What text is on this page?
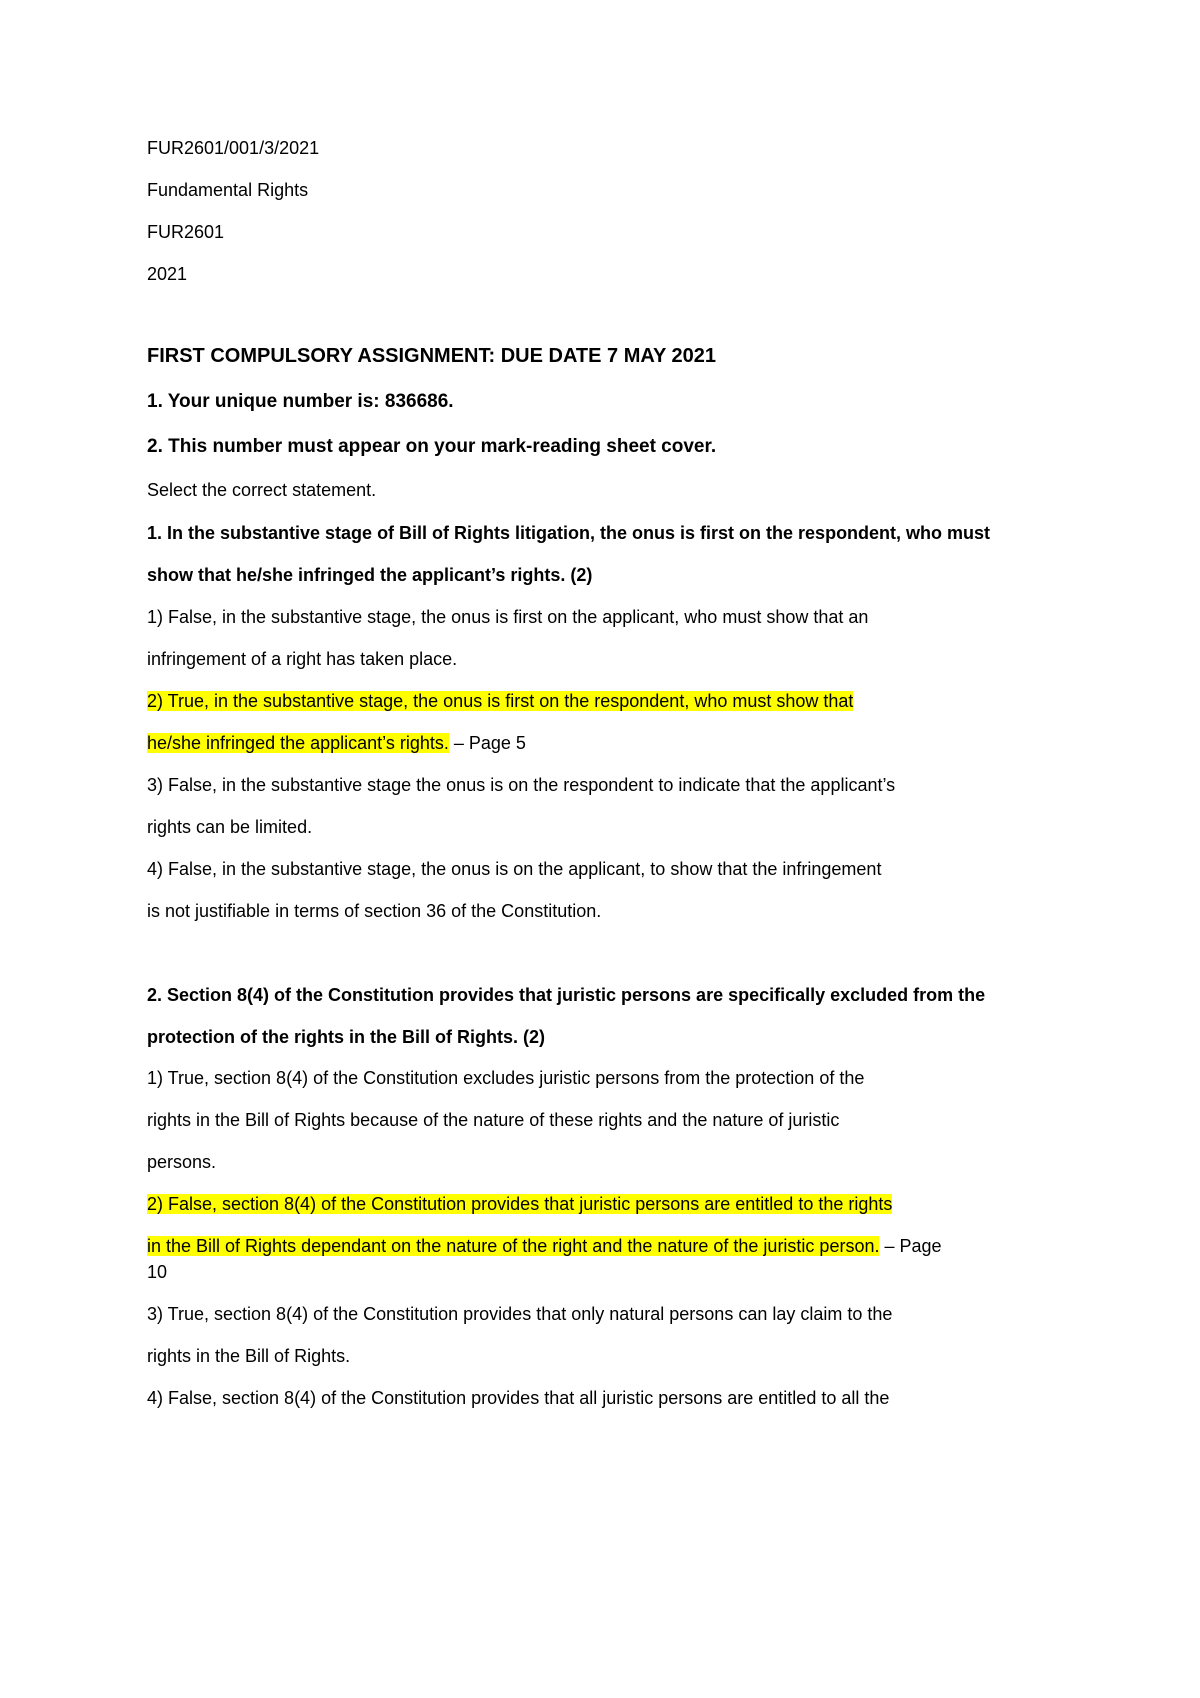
FUR2601/001/3/2021
Fundamental Rights
FUR2601
2021
FIRST COMPULSORY ASSIGNMENT: DUE DATE 7 MAY 2021
1. Your unique number is: 836686.
2. This number must appear on your mark-reading sheet cover.
Select the correct statement.
1. In the substantive stage of Bill of Rights litigation, the onus is first on the respondent, who must
show that he/she infringed the applicant’s rights. (2)
1) False, in the substantive stage, the onus is first on the applicant, who must show that an
infringement of a right has taken place.
2) True, in the substantive stage, the onus is first on the respondent, who must show that
he/she infringed the applicant’s rights. – Page 5
3) False, in the substantive stage the onus is on the respondent to indicate that the applicant’s
rights can be limited.
4) False, in the substantive stage, the onus is on the applicant, to show that the infringement
is not justifiable in terms of section 36 of the Constitution.
2. Section 8(4) of the Constitution provides that juristic persons are specifically excluded from the
protection of the rights in the Bill of Rights. (2)
1) True, section 8(4) of the Constitution excludes juristic persons from the protection of the
rights in the Bill of Rights because of the nature of these rights and the nature of juristic
persons.
2) False, section 8(4) of the Constitution provides that juristic persons are entitled to the rights
in the Bill of Rights dependant on the nature of the right and the nature of the juristic person. – Page
10
3) True, section 8(4) of the Constitution provides that only natural persons can lay claim to the
rights in the Bill of Rights.
4) False, section 8(4) of the Constitution provides that all juristic persons are entitled to all the
